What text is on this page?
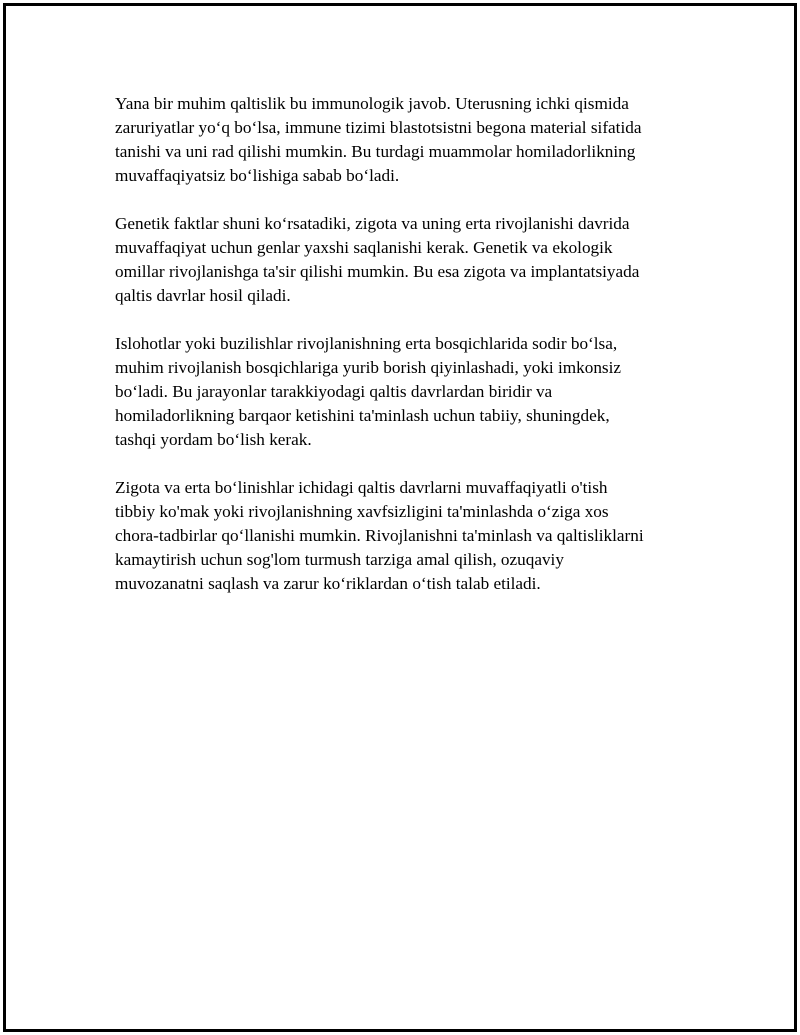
Yana bir muhim qaltislik bu immunologik javob. Uterusning ichki qismida
zaruriyatlar yo‘q bo‘lsa, immune tizimi blastotsistni begona material sifatida
tanishi va uni rad qilishi mumkin. Bu turdagi muammolar homiladorlikning
muvaffaqiyatsiz bo‘lishiga sabab bo‘ladi.

Genetik faktlar shuni ko‘rsatadiki, zigota va uning erta rivojlanishi davrida
muvaffaqiyat uchun genlar yaxshi saqlanishi kerak. Genetik va ekologik
omillar rivojlanishga ta'sir qilishi mumkin. Bu esa zigota va implantatsiyada
qaltis davrlar hosil qiladi.

Islohotlar yoki buzilishlar rivojlanishning erta bosqichlarida sodir bo‘lsa,
muhim rivojlanish bosqichlariga yurib borish qiyinlashadi, yoki imkonsiz
bo‘ladi. Bu jarayonlar tarakkiyodagi qaltis davrlardan biridir va
homiladorlikning barqaor ketishini ta'minlash uchun tabiiy, shuningdek,
tashqi yordam bo‘lish kerak.

Zigota va erta bo‘linishlar ichidagi qaltis davrlarni muvaffaqiyatli o'tish
tibbiy ko'mak yoki rivojlanishning xavfsizligini ta'minlashda o‘ziga xos
chora-tadbirlar qo‘llanishi mumkin. Rivojlanishni ta'minlash va qaltisliklarni
kamaytirish uchun sog'lom turmush tarziga amal qilish, ozuqaviy
muvozanatni saqlash va zarur ko‘riklardan o‘tish talab etiladi.
